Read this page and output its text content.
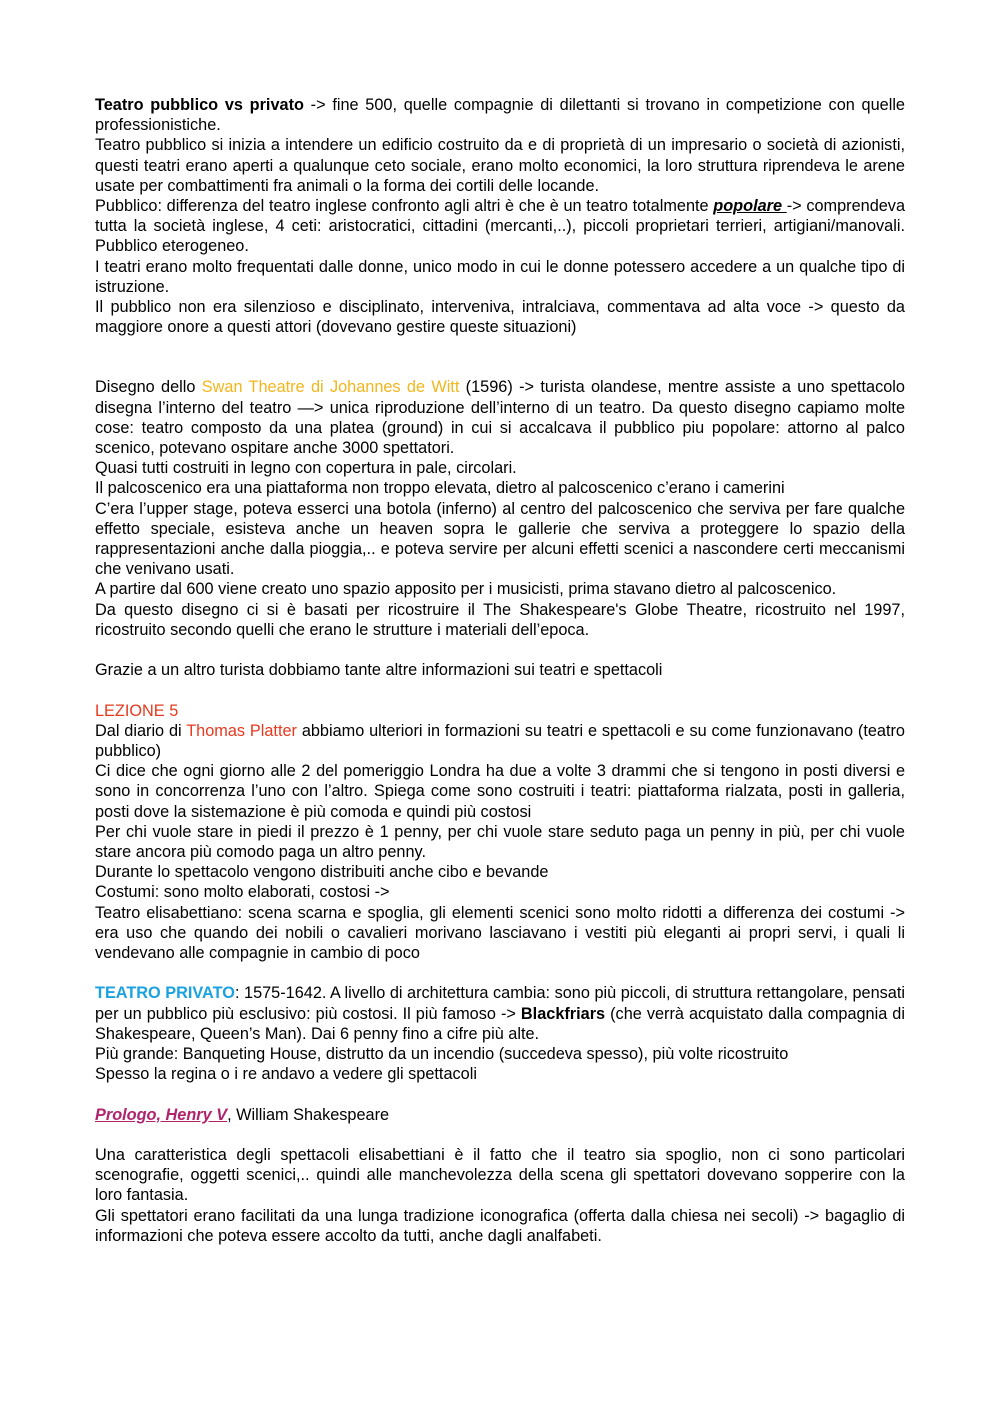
Teatro pubblico vs privato -> fine 500, quelle compagnie di dilettanti si trovano in competizione con quelle professionistiche.

Teatro pubblico si inizia a intendere un edificio costruito da e di proprietà di un impresario o società di azionisti, questi teatri erano aperti a qualunque ceto sociale, erano molto economici, la loro struttura riprendeva le arene usate per combattimenti fra animali o la forma dei cortili delle locande.

Pubblico: differenza del teatro inglese confronto agli altri è che è un teatro totalmente popolare -> comprendeva tutta la società inglese, 4 ceti: aristocratici, cittadini (mercanti,..), piccoli proprietari terrieri, artigiani/manovali. Pubblico eterogeneo.

I teatri erano molto frequentati dalle donne, unico modo in cui le donne potessero accedere a un qualche tipo di istruzione.

Il pubblico non era silenzioso e disciplinato, interveniva, intralciava, commentava ad alta voce -> questo da maggiore onore a questi attori (dovevano gestire queste situazioni)

Disegno dello Swan Theatre di Johannes de Witt (1596) -> turista olandese, mentre assiste a uno spettacolo disegna l’interno del teatro —> unica riproduzione dell’interno di un teatro. Da questo disegno capiamo molte cose: teatro composto da una platea (ground) in cui si accalcava il pubblico piu popolare: attorno al palco scenico, potevano ospitare anche 3000 spettatori.

Quasi tutti costruiti in legno con copertura in pale, circolari.

Il palcoscenico era una piattaforma non troppo elevata, dietro al palcoscenico c’erano i camerini

C’era l’upper stage, poteva esserci una botola (inferno) al centro del palcoscenico che serviva per fare qualche effetto speciale, esisteva anche un heaven sopra le gallerie che serviva a proteggere lo spazio della rappresentazioni anche dalla pioggia,.. e poteva servire per alcuni effetti scenici a nascondere certi meccanismi che venivano usati.

A partire dal 600 viene creato uno spazio apposito per i musicisti, prima stavano dietro al palcoscenico.

Da questo disegno ci si è basati per ricostruire il The Shakespeare's Globe Theatre, ricostruito nel 1997, ricostruito secondo quelli che erano le strutture i materiali dell’epoca.

Grazie a un altro turista dobbiamo tante altre informazioni sui teatri e spettacoli

LEZIONE 5

Dal diario di Thomas Platter abbiamo ulteriori in formazioni su teatri e spettacoli e su come funzionavano (teatro pubblico)

Ci dice che ogni giorno alle 2 del pomeriggio Londra ha due a volte 3 drammi che si tengono in posti diversi e sono in concorrenza l’uno con l’altro. Spiega come sono costruiti i teatri: piattaforma rialzata, posti in galleria, posti dove la sistemazione è più comoda e quindi più costosi

Per chi vuole stare in piedi il prezzo è 1 penny, per chi vuole stare seduto paga un penny in più, per chi vuole stare ancora più comodo paga un altro penny.

Durante lo spettacolo vengono distribuiti anche cibo e bevande

Costumi: sono molto elaborati, costosi ->

Teatro elisabettiano: scena scarna e spoglia, gli elementi scenici sono molto ridotti a differenza dei costumi -> era uso che quando dei nobili o cavalieri morivano lasciavano i vestiti più eleganti ai propri servi, i quali li vendevano alle compagnie in cambio di poco

TEATRO PRIVATO: 1575-1642. A livello di architettura cambia: sono più piccoli, di struttura rettangolare, pensati per un pubblico più esclusivo: più costosi. Il più famoso -> Blackfriars (che verrà acquistato dalla compagnia di Shakespeare, Queen’s Man). Dai 6 penny fino a cifre più alte.

Più grande: Banqueting House, distrutto da un incendio (succedeva spesso), più volte ricostruito

Spesso la regina o i re andavo a vedere gli spettacoli

Prologo, Henry V, William Shakespeare

Una caratteristica degli spettacoli elisabettiani è il fatto che il teatro sia spoglio, non ci sono particolari scenografie, oggetti scenici,.. quindi alle manchevolezza della scena gli spettatori dovevano sopperire con la loro fantasia.

Gli spettatori erano facilitati da una lunga tradizione iconografica (offerta dalla chiesa nei secoli) -> bagaglio di informazioni che poteva essere accolto da tutti, anche dagli analfabeti.
